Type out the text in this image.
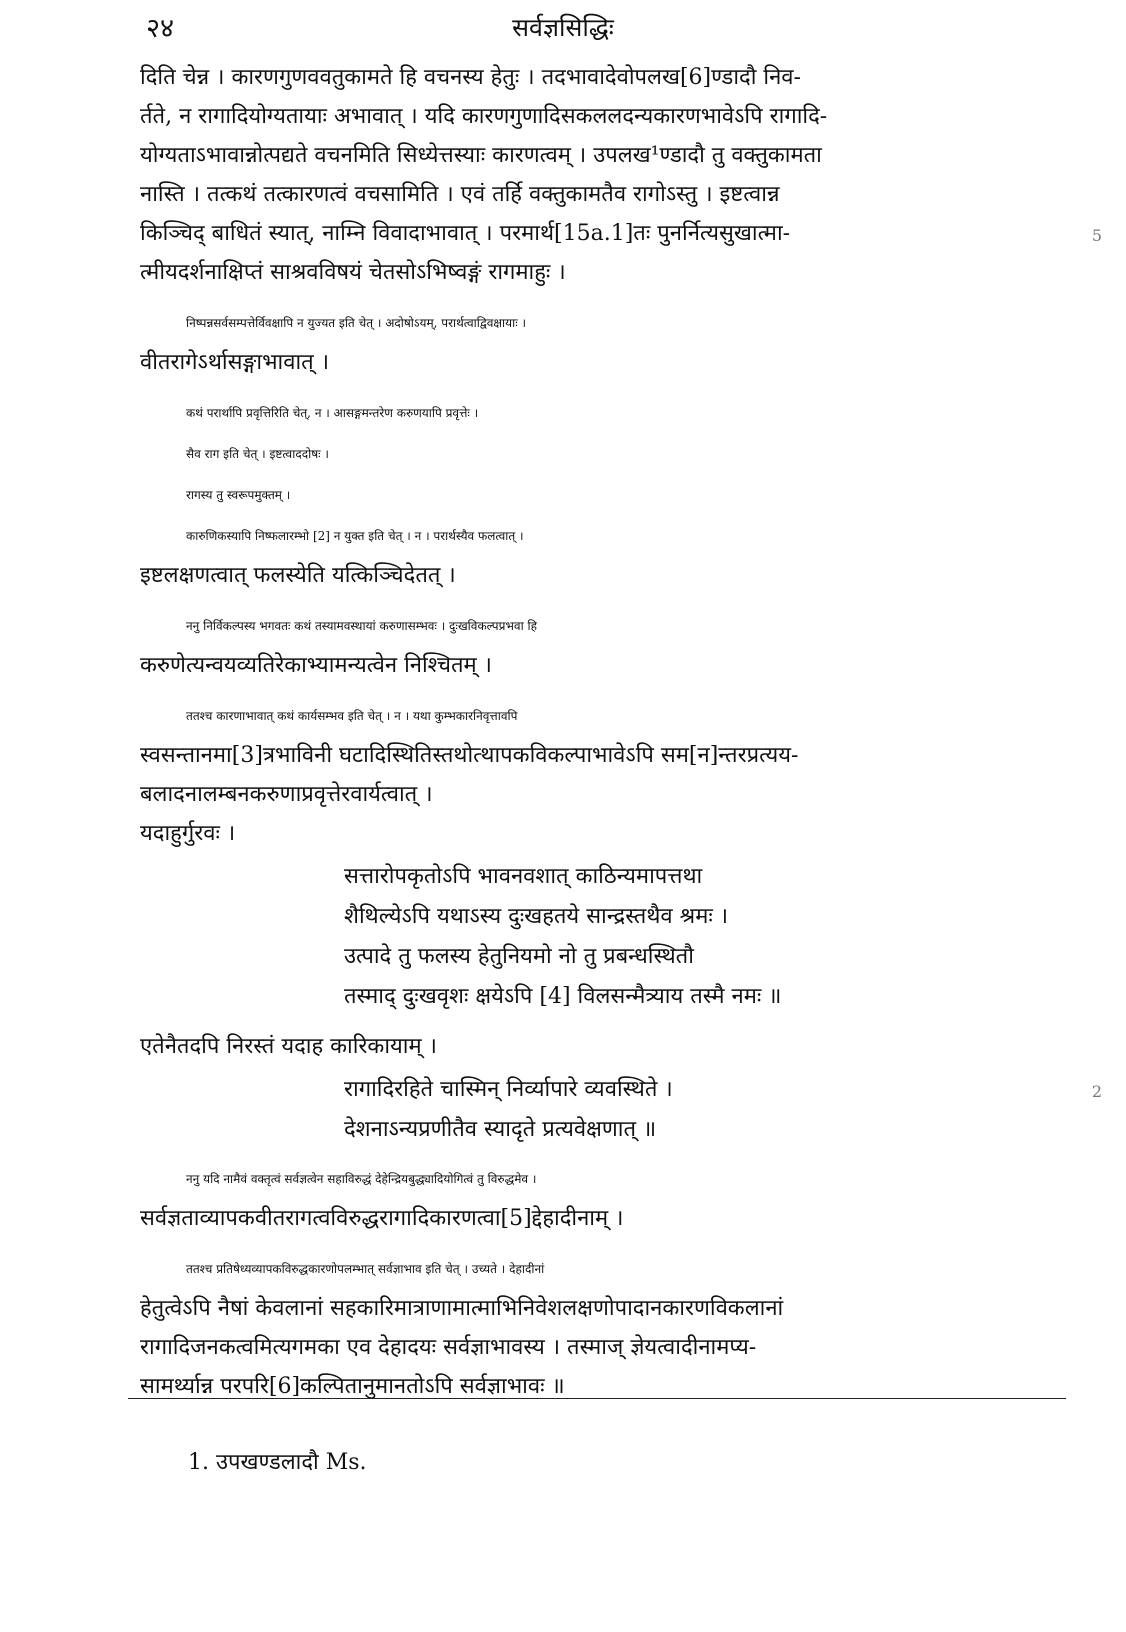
२४	सर्वज्ञसिद्धिः
दिति चेन्न । कारणगुणववतुकामते हि वचनस्य हेतुः । तदभावादेवोपलख[6]ण्डादौ निव-
र्तते, न रागादियोग्यतायाः अभावात् । यदि कारणगुणादिसकललदन्यकारणभावेऽपि रागादि-
योग्यताऽभावान्नोत्पद्यते वचनमिति सिध्येत्तस्याः कारणत्वम् । उपलख¹ण्डादौ तु वक्तुकामता
नास्ति । तत्कथं तत्कारणत्वं वचसामिति । एवं तर्हि वक्तुकामतैव रागोऽस्तु । इष्टत्वान्न
किञ्चिद् बाधितं स्यात्, नाम्नि विवादाभावात् । परमार्थ[15a.1]तः पुनर्नित्यसुखात्मा-
त्मीयदर्शनाक्षिप्तं साश्रवविषयं चेतसोऽभिष्वङ्गं रागमाहुः ।
निष्पन्नसर्वसम्पत्तेर्विवक्षापि न युज्यत इति चेत् । अदोषोऽयम्, परार्थत्वाद्विवक्षायाः ।
वीतरागेऽर्थासङ्गाभावात् ।
कथं परार्थापि प्रवृत्तिरिति चेत्, न । आसङ्गमन्तरेण करुणयापि प्रवृत्तेः ।
सैव राग इति चेत् । इष्टत्वाददोषः ।
रागस्य तु स्वरूपमुक्तम् ।
कारुणिकस्यापि निष्फलारम्भो [2] न युक्त इति चेत् । न । परार्थस्यैव फलत्वात् ।
इष्टलक्षणत्वात् फलस्येति यत्किञ्चिदेतत् ।
ननु निर्विकल्पस्य भगवतः कथं तस्यामवस्थायां करुणासम्भवः । दुःखविकल्पप्रभवा हि
करुणेत्यन्वयव्यतिरेकाभ्यामन्यत्वेन निश्चितम् ।
ततश्च कारणाभावात् कथं कार्यसम्भव इति चेत् । न । यथा कुम्भकारनिवृत्तावपि
स्वसन्तानमा[3]त्रभाविनी घटादिस्थितिस्तथोत्थापकविकल्पाभावेऽपि सम[न]न्तरप्रत्यय-
बलादनालम्बनकरुणाप्रवृत्तेरवार्यत्वात् ।
यदाहुर्गुरवः ।
सत्तारोपकृतोऽपि भावनवशात् काठिन्यमापत्तथा
शैथिल्येऽपि यथाऽस्य दुःखहतये सान्द्रस्तथैव श्रमः ।
उत्पादे तु फलस्य हेतुनियमो नो तु प्रबन्धस्थितौ
तस्माद् दुःखवृशः क्षयेऽपि [4] विलसन्मैत्र्याय तस्मै नमः ॥
एतेनैतदपि निरस्तं यदाह कारिकायाम् ।
रागादिरहिते चास्मिन् निर्व्यापारे व्यवस्थिते ।
देशनाऽन्यप्रणीतैव स्यादृते प्रत्यवेक्षणात् ॥
ननु यदि नामैवं वक्तृत्वं सर्वज्ञत्वेन सहाविरुद्धं देहेन्द्रियबुद्ध्यादियोगित्वं तु विरुद्धमेव ।
सर्वज्ञताव्यापकवीतरागत्वविरुद्धरागादिकारणत्वा[5]द्देहादीनाम् ।
ततश्च प्रतिषेध्यव्यापकविरुद्धकारणोपलम्भात् सर्वज्ञाभाव इति चेत् । उच्यते । देहादीनां
हेतुत्वेऽपि नैषां केवलानां सहकारिमात्राणामात्माभिनिवेशलक्षणोपादानकारणविकलानां
रागादिजनकत्वमित्यगमका एव देहादयः सर्वज्ञाभावस्य । तस्माज् ज्ञेयत्वादीनामप्य-
सामर्थ्यान्न परपरि[6]कल्पितानुमानतोऽपि सर्वज्ञाभावः ॥
5
2
1. उपखण्डलादौ Ms.
